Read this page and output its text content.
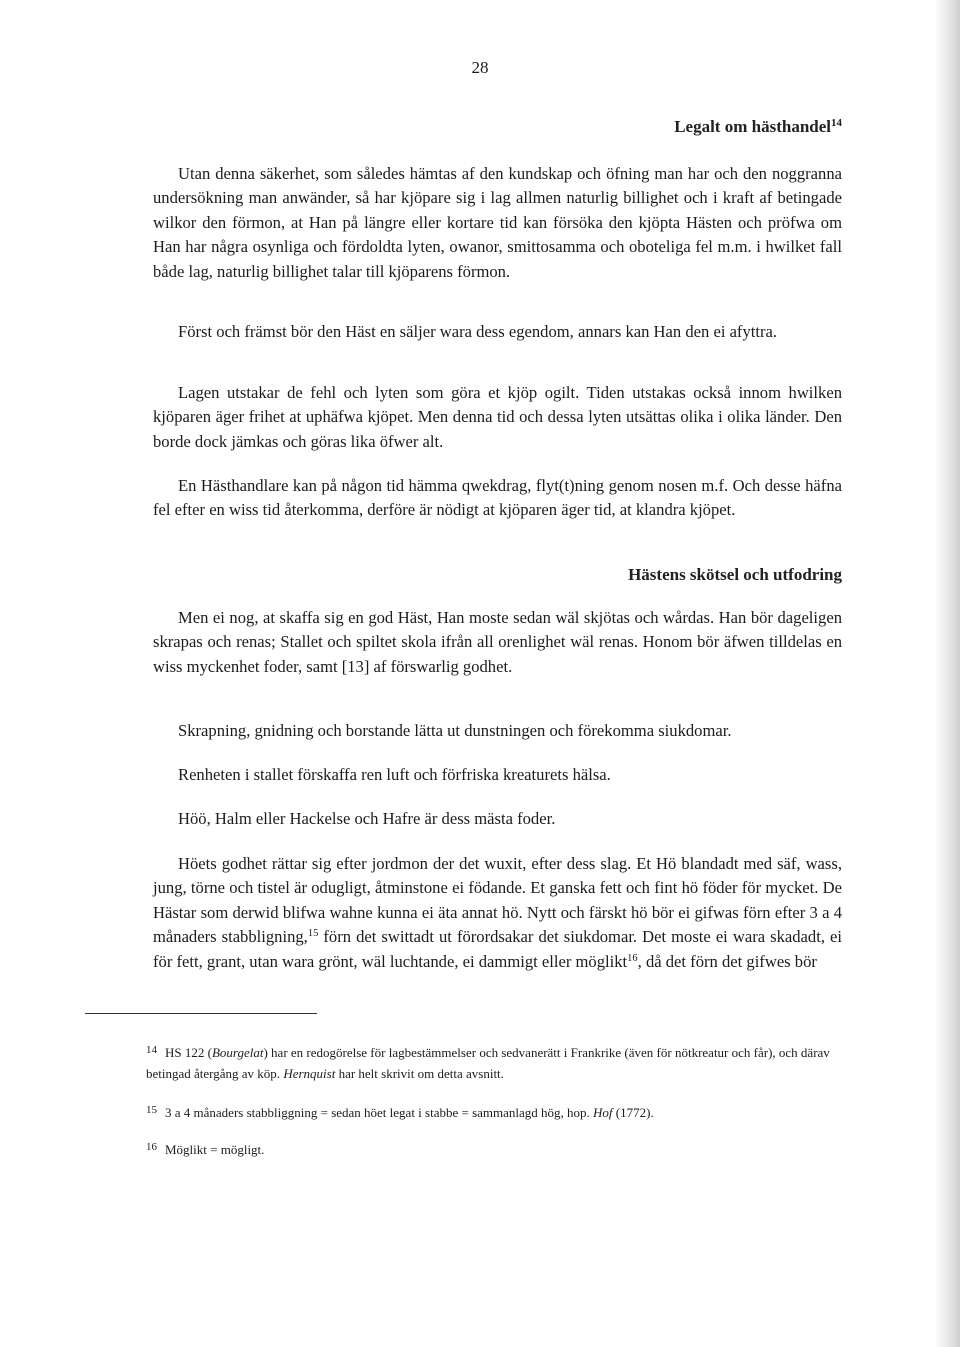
28
Legalt om hästhandel$^{14}$

Utan denna säkerhet, som således hämtas af den kundskap och öfning man har och den noggranna undersökning man anwänder, så har kjöpare sig i lag allmen naturlig billighet och i kraft af betingade wilkor den förmon, at Han på längre eller kortare tid kan försöka den kjöpta Hästen och pröfwa om Han har några osynliga och fördoldta lyten, owanor, smittosamma och oboteliga fel m.m. i hwilket fall både lag, naturlig billighet talar till kjöparens förmon.

Först och främst bör den Häst en säljer wara dess egendom, annars kan Han den ei afyttra.

Lagen utstakar de fehl och lyten som göra et kjöp ogilt. Tiden utstakas också innom hwilken kjöparen äger frihet at uphäfwa kjöpet. Men denna tid och dessa lyten utsättas olika i olika länder. Den borde dock jämkas och göras lika öfwer alt.

En Hästhandlare kan på någon tid hämma qwekdrag, flyt(t)ning genom nosen m.f. Och desse häfna fel efter en wiss tid återkomma, derföre är nödigt at kjöparen äger tid, at klandra kjöpet.

Hästens skötsel och utfodring

Men ei nog, at skaffa sig en god Häst, Han moste sedan wäl skjötas och wårdas. Han bör dageligen skrapas och renas; Stallet och spiltet skola ifrån all orenlighet wäl renas. Honom bör äfwen tilldelas en wiss myckenhet foder, samt [13] af förswarlig godhet.

Skrapning, gnidning och borstande lätta ut dunstningen och förekomma siukdomar.

Renheten i stallet förskaffa ren luft och förfriska kreaturets hälsa.

Höö, Halm eller Hackelse och Hafre är dess mästa foder.

Höets godhet rättar sig efter jordmon der det wuxit, efter dess slag. Et Hö blandadt med säf, wass, jung, törne och tistel är odugligt, åtminstone ei födande. Et ganska fett och fint hö föder för mycket. De Hästar som derwid blifwa wahne kunna ei äta annat hö. Nytt och färskt hö bör ei gifwas förn efter 3 a 4 månaders stabbligning,$^{15}$ förn det swittadt ut förordsakar det siukdomar. Det moste ei wara skadadt, ei för fett, grant, utan wara grönt, wäl luchtande, ei dammigt eller möglikt$^{16}$, då det förn det gifwes bör

$^{14}$ HS 122 (Bourgelat) har en redogörelse för lagbestämmelser och sedvanerätt i Frankrike (även för nötkreatur och får), och därav betingad återgång av köp. Hernquist har helt skrivit om detta avsnitt.

$^{15}$ 3 a 4 månaders stabbliggning = sedan höet legat i stabbe = sammanlagd hög, hop. Hof (1772).

$^{16}$ Möglikt = mögligt.
